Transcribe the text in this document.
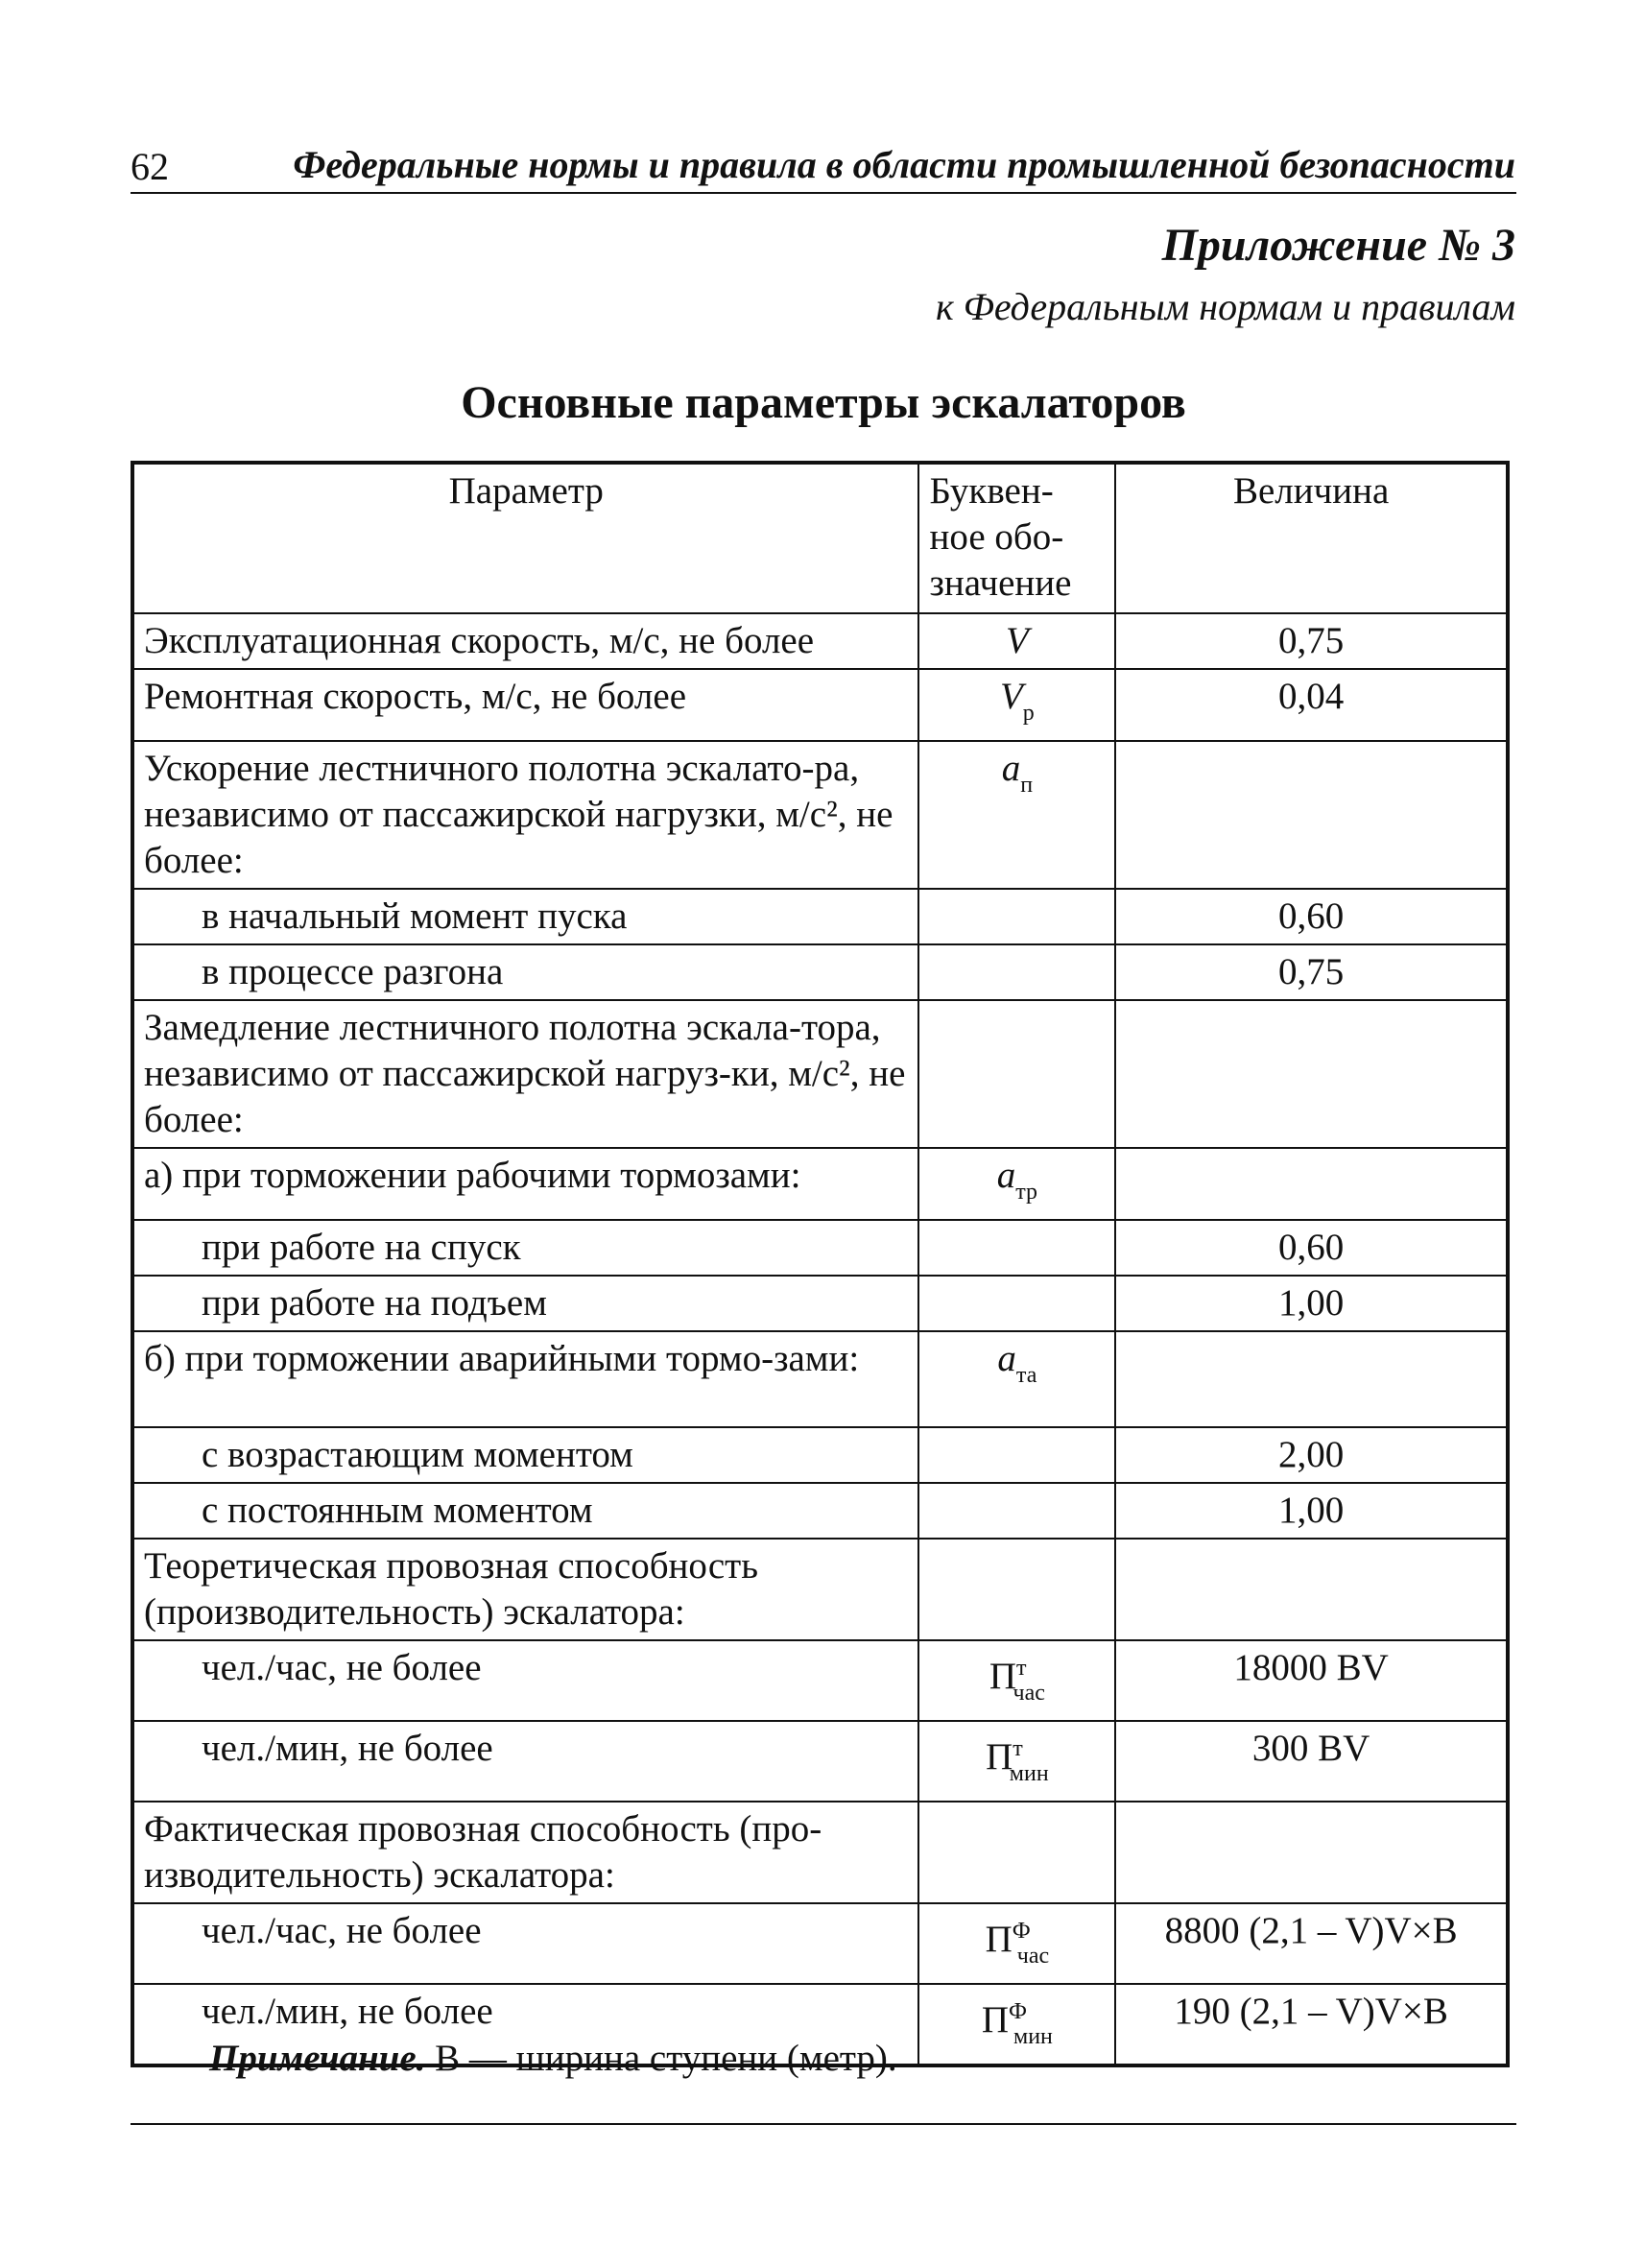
62	Федеральные нормы и правила в области промышленной безопасности
Приложение № 3
к Федеральным нормам и правилам
Основные параметры эскалаторов
Параметр	Буквен-ное обо-значение	Величина
Эксплуатационная скорость, м/с, не более	V	0,75
Ремонтная скорость, м/с, не более	$V_р$	0,04
Ускорение лестничного полотна эскалато-ра, независимо от пассажирской нагрузки, м/с², не более:	$a_п$	
в начальный момент пуска		0,60
в процессе разгона		0,75
Замедление лестничного полотна эскала-тора, независимо от пассажирской нагруз-ки, м/с², не более:		
а) при торможении рабочими тормозами:	$a_{тр}$	
при работе на спуск		0,60
при работе на подъем		1,00
б) при торможении аварийными тормо-зами:	$a_{та}$	
с возрастающим моментом		2,00
с постоянным моментом		1,00
Теоретическая провозная способность (производительность) эскалатора:		
чел./час, не более	$П^т_{час}$	18000 BV
чел./мин, не более	$П^т_{мин}$	300 BV
Фактическая провозная способность (про-изводительность) эскалатора:		
чел./час, не более	$П^Ф_{час}$	8800 (2,1 – V)V×B
чел./мин, не более	$П^Ф_{мин}$	190 (2,1 – V)V×B
Примечание. В — ширина ступени (метр).
